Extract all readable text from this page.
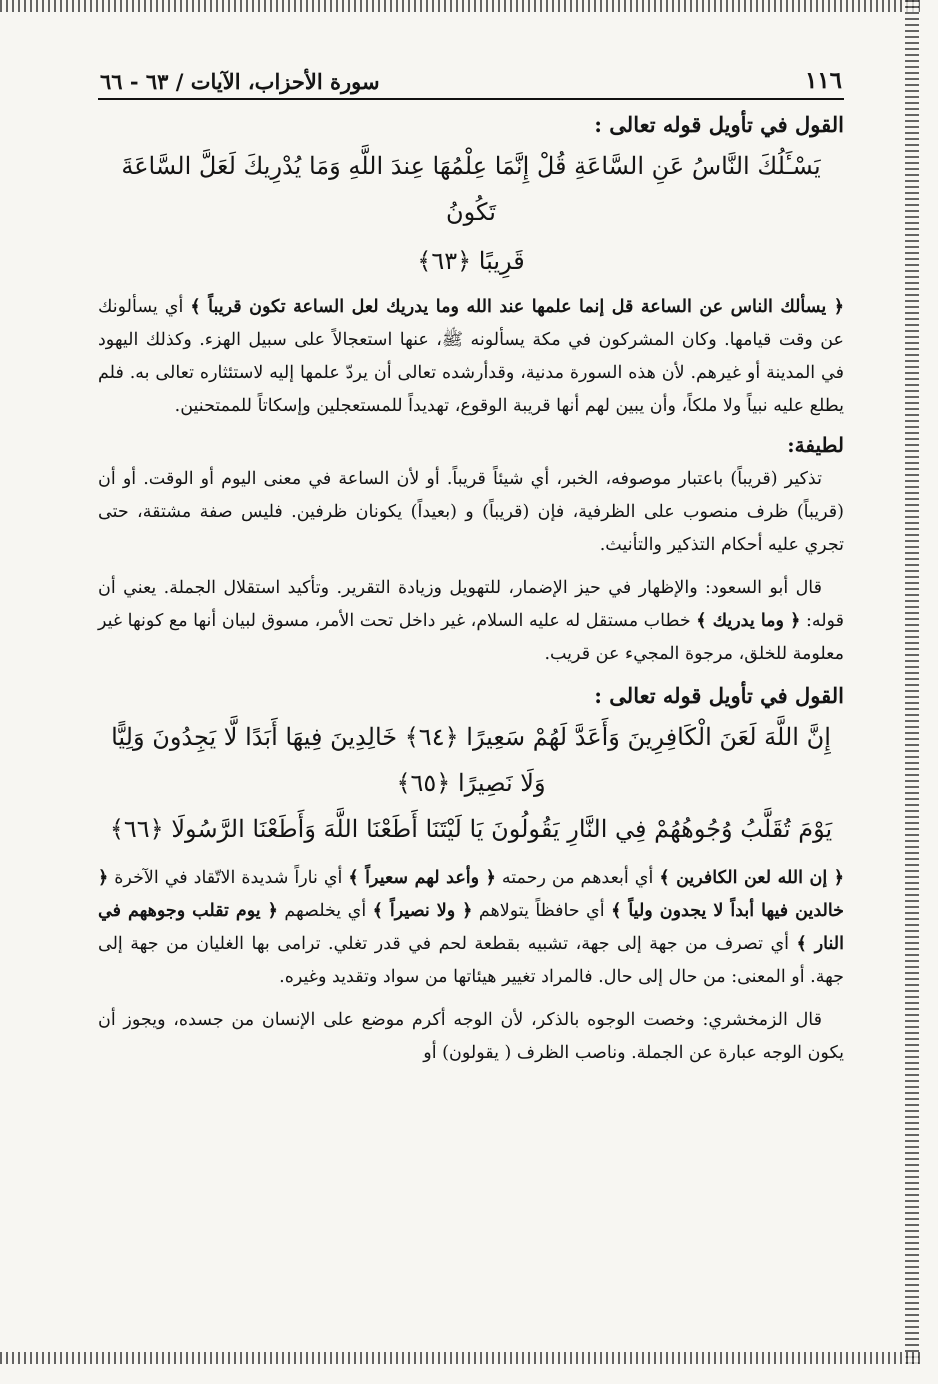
١١٦
سورة الأحزاب، الآيات / ٦٣ - ٦٦
القول في تأويل قوله تعالى :
يَسْـَٔلُكَ النَّاسُ عَنِ السَّاعَةِ قُلْ إِنَّمَا عِلْمُهَا عِندَ اللَّهِ وَمَا يُدْرِيكَ لَعَلَّ السَّاعَةَ تَكُونُ
قَرِيبًا ﴿٦٣﴾

﴿ يسألك الناس عن الساعة قل إنما علمها عند الله وما يدريك لعل الساعة تكون قريباً ﴾ أي يسألونك عن وقت قيامها. وكان المشركون في مكة يسألونه ﷺ، عنها استعجالاً على سبيل الهزء. وكذلك اليهود في المدينة أو غيرهم. لأن هذه السورة مدنية، وقدأرشده تعالى أن يردّ علمها إليه لاستئثاره تعالى به. فلم يطلع عليه نبياً ولا ملكاً، وأن يبين لهم أنها قريبة الوقوع، تهديداً للمستعجلين وإسكاتاً للممتحنين.

لطيفة:

تذكير (قريباً) باعتبار موصوفه، الخبر، أي شيئاً قريباً. أو لأن الساعة في معنى اليوم أو الوقت. أو أن (قريباً) ظرف منصوب على الظرفية، فإن (قريباً) و (بعيداً) يكونان ظرفين. فليس صفة مشتقة، حتى تجري عليه أحكام التذكير والتأنيث.

قال أبو السعود: والإظهار في حيز الإضمار، للتهويل وزيادة التقرير. وتأكيد استقلال الجملة. يعني أن قوله: ﴿ وما يدريك ﴾ خطاب مستقل له عليه السلام، غير داخل تحت الأمر، مسوق لبيان أنها مع كونها غير معلومة للخلق، مرجوة المجيء عن قريب.

القول في تأويل قوله تعالى :
إِنَّ اللَّهَ لَعَنَ الْكَافِرِينَ وَأَعَدَّ لَهُمْ سَعِيرًا ﴿٦٤﴾ خَالِدِينَ فِيهَا أَبَدًا لَّا يَجِدُونَ وَلِيًّا وَلَا نَصِيرًا ﴿٦٥﴾
يَوْمَ تُقَلَّبُ وُجُوهُهُمْ فِي النَّارِ يَقُولُونَ يَا لَيْتَنَا أَطَعْنَا اللَّهَ وَأَطَعْنَا الرَّسُولَا ﴿٦٦﴾

﴿ إن الله لعن الكافرين ﴾ أي أبعدهم من رحمته ﴿ وأعد لهم سعيراً ﴾ أي ناراً شديدة الاتّقاد في الآخرة ﴿ خالدين فيها أبداً لا يجدون ولياً ﴾ أي حافظاً يتولاهم ﴿ ولا نصيراً ﴾ أي يخلصهم ﴿ يوم تقلب وجوههم في النار ﴾ أي تصرف من جهة إلى جهة، تشبيه بقطعة لحم في قدر تغلي. ترامى بها الغليان من جهة إلى جهة. أو المعنى: من حال إلى حال. فالمراد تغيير هيئاتها من سواد وتقديد وغيره.

قال الزمخشري: وخصت الوجوه بالذكر، لأن الوجه أكرم موضع على الإنسان من جسده، ويجوز أن يكون الوجه عبارة عن الجملة. وناصب الظرف ( يقولون) أو
